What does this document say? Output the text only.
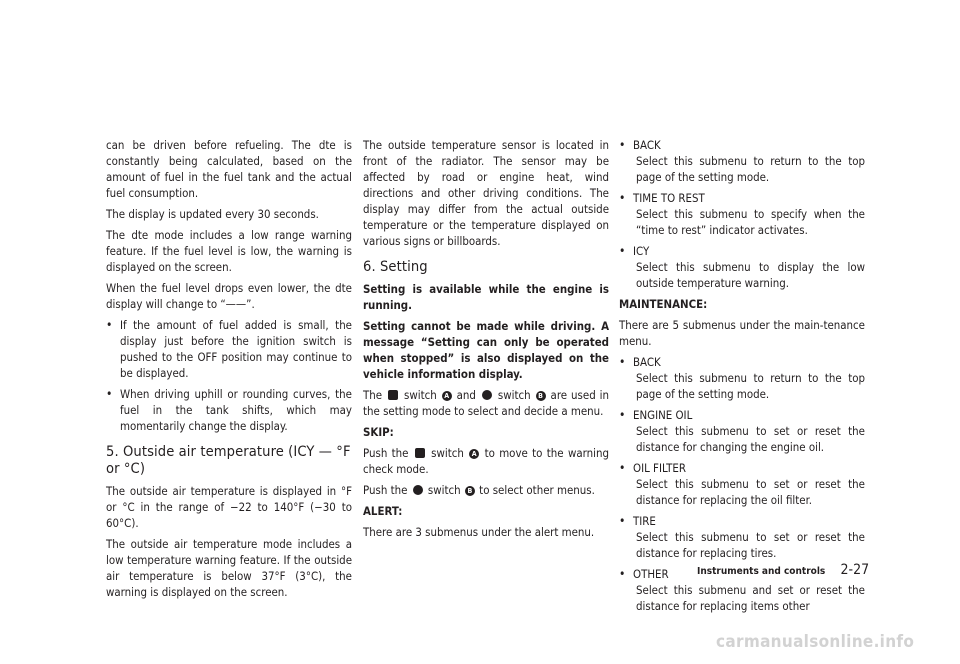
can be driven before refueling. The dte is constantly being calculated, based on the amount of fuel in the fuel tank and the actual fuel consumption.

The display is updated every 30 seconds.

The dte mode includes a low range warning feature. If the fuel level is low, the warning is displayed on the screen.

When the fuel level drops even lower, the dte display will change to “——”.

• If the amount of fuel added is small, the display just before the ignition switch is pushed to the OFF position may continue to be displayed.
• When driving uphill or rounding curves, the fuel in the tank shifts, which may momentarily change the display.
5. Outside air temperature (ICY — °F or °C)

The outside air temperature is displayed in °F or °C in the range of −22 to 140°F (−30 to 60°C).

The outside air temperature mode includes a low temperature warning feature. If the outside air temperature is below 37°F (3°C), the warning is displayed on the screen.

The outside temperature sensor is located in front of the radiator. The sensor may be affected by road or engine heat, wind directions and other driving conditions. The display may differ from the actual outside temperature or the temperature displayed on various signs or billboards.

6. Setting

Setting is available while the engine is running.

Setting cannot be made while driving. A message “Setting can only be operated when stopped” is also displayed on the vehicle information display.

The switch A and switch B are used in the setting mode to select and decide a menu.

SKIP:

Push the switch A to move to the warning check mode.

Push the switch B to select other menus.

ALERT:

There are 3 submenus under the alert menu.

• BACK
Select this submenu to return to the top page of the setting mode.
• TIME TO REST
Select this submenu to specify when the “time to rest” indicator activates.
• ICY
Select this submenu to display the low outside temperature warning.

MAINTENANCE:

There are 5 submenus under the main-tenance menu.

• BACK
Select this submenu to return to the top page of the setting mode.
• ENGINE OIL
Select this submenu to set or reset the distance for changing the engine oil.
• OIL FILTER
Select this submenu to set or reset the distance for replacing the oil filter.
• TIRE
Select this submenu to set or reset the distance for replacing tires.
• OTHER
Select this submenu and set or reset the distance for replacing items other
Instruments and controls 2-27
carmanualsonline.info
